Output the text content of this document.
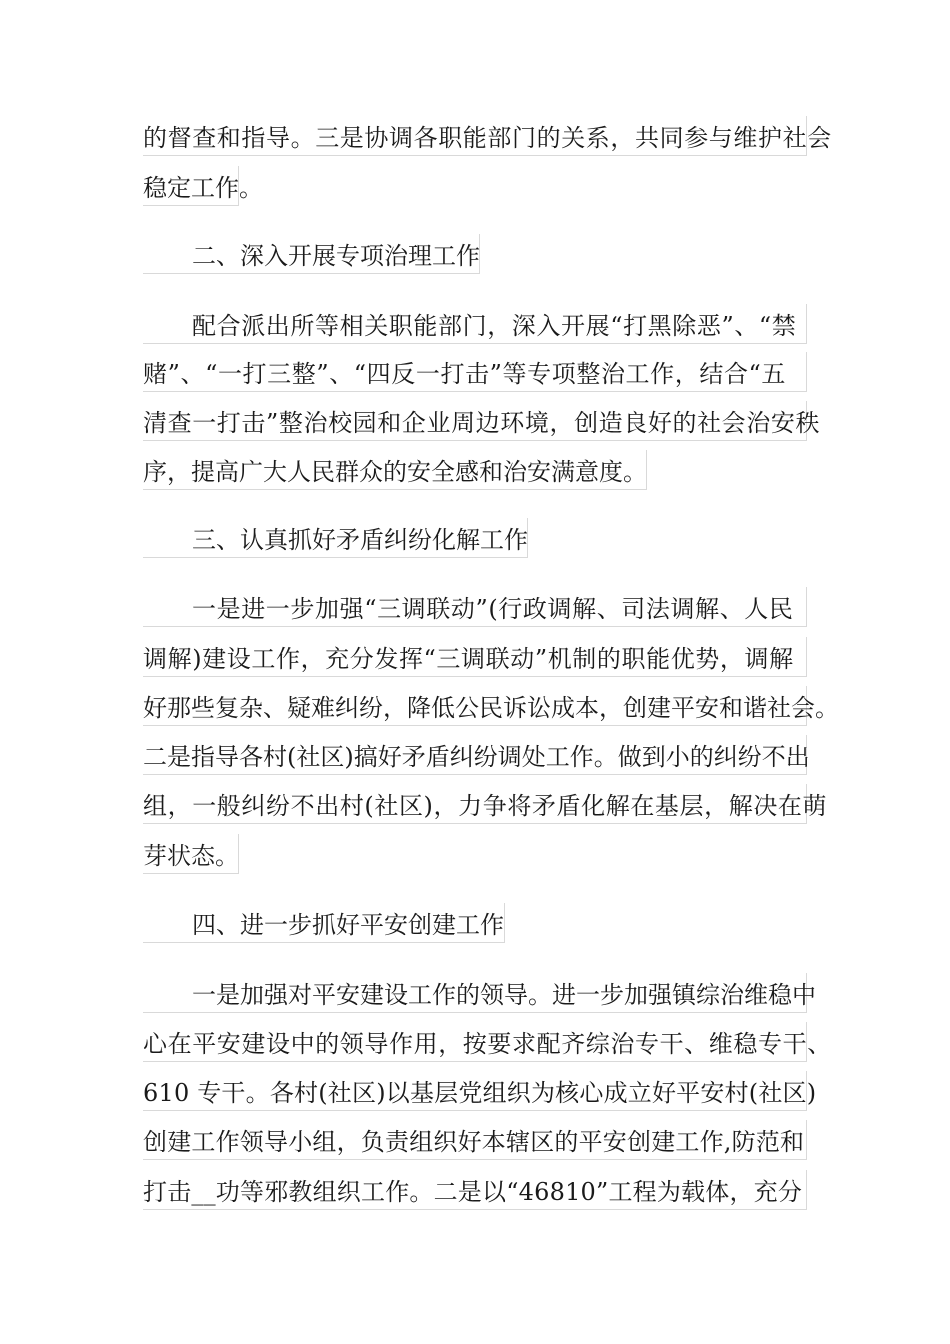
的督查和指导。三是协调各职能部门的关系，共同参与维护社会
稳定工作。
二、深入开展专项治理工作
配合派出所等相关职能部门，深入开展“打黑除恶”、“禁
赌”、“一打三整”、“四反一打击”等专项整治工作，结合“五
清查一打击”整治校园和企业周边环境，创造良好的社会治安秩
序，提高广大人民群众的安全感和治安满意度。
三、认真抓好矛盾纠纷化解工作
一是进一步加强“三调联动”(行政调解、司法调解、人民
调解)建设工作，充分发挥“三调联动”机制的职能优势，调解
好那些复杂、疑难纠纷，降低公民诉讼成本，创建平安和谐社会。
二是指导各村(社区)搞好矛盾纠纷调处工作。做到小的纠纷不出
组，一般纠纷不出村(社区)，力争将矛盾化解在基层，解决在萌
芽状态。
四、进一步抓好平安创建工作
一是加强对平安建设工作的领导。进一步加强镇综治维稳中
心在平安建设中的领导作用，按要求配齐综治专干、维稳专干、
610 专干。各村(社区)以基层党组织为核心成立好平安村(社区)
创建工作领导小组，负责组织好本辖区的平安创建工作,防范和
打击__功等邪教组织工作。二是以“46810”工程为载体，充分
